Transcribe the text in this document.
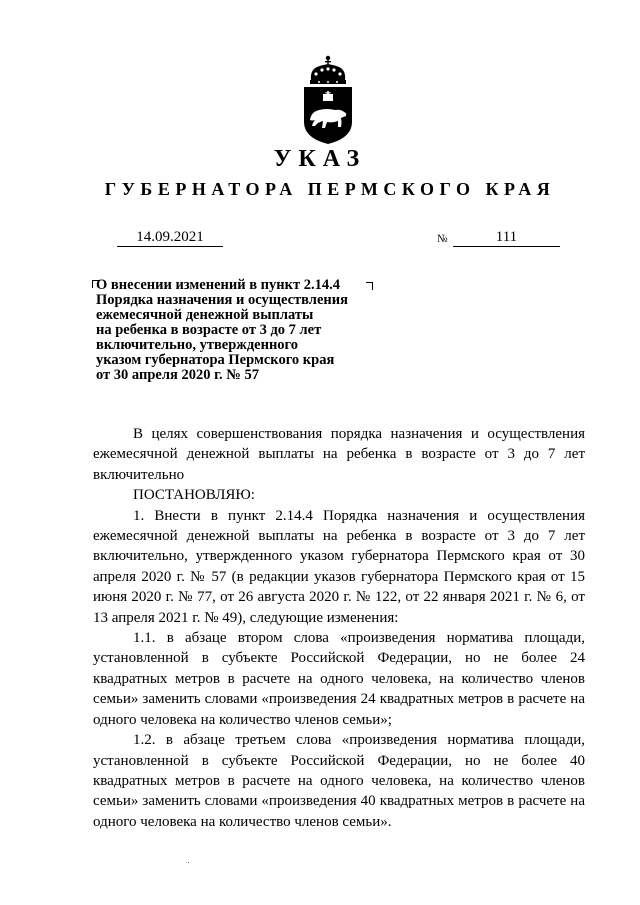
УКАЗ
ГУБЕРНАТОРА ПЕРМСКОГО КРАЯ
14.09.2021	№	111
О внесении изменений в пункт 2.14.4
Порядка назначения и осуществления
ежемесячной денежной выплаты
на ребенка в возрасте от 3 до 7 лет
включительно, утвержденного
указом губернатора Пермского края
от 30 апреля 2020 г. № 57

В целях совершенствования порядка назначения и осуществления ежемесячной денежной выплаты на ребенка в возрасте от 3 до 7 лет включительно

ПОСТАНОВЛЯЮ:

1. Внести в пункт 2.14.4 Порядка назначения и осуществления ежемесячной денежной выплаты на ребенка в возрасте от 3 до 7 лет включительно, утвержденного указом губернатора Пермского края от 30 апреля 2020 г. № 57 (в редакции указов губернатора Пермского края от 15 июня 2020 г. № 77, от 26 августа 2020 г. № 122, от 22 января 2021 г. № 6, от 13 апреля 2021 г. № 49), следующие изменения:

1.1. в абзаце втором слова «произведения норматива площади, установленной в субъекте Российской Федерации, но не более 24 квадратных метров в расчете на одного человека, на количество членов семьи» заменить словами «произведения 24 квадратных метров в расчете на одного человека на количество членов семьи»;

1.2. в абзаце третьем слова «произведения норматива площади, установленной в субъекте Российской Федерации, но не более 40 квадратных метров в расчете на одного человека, на количество членов семьи» заменить словами «произведения 40 квадратных метров в расчете на одного человека на количество членов семьи».
